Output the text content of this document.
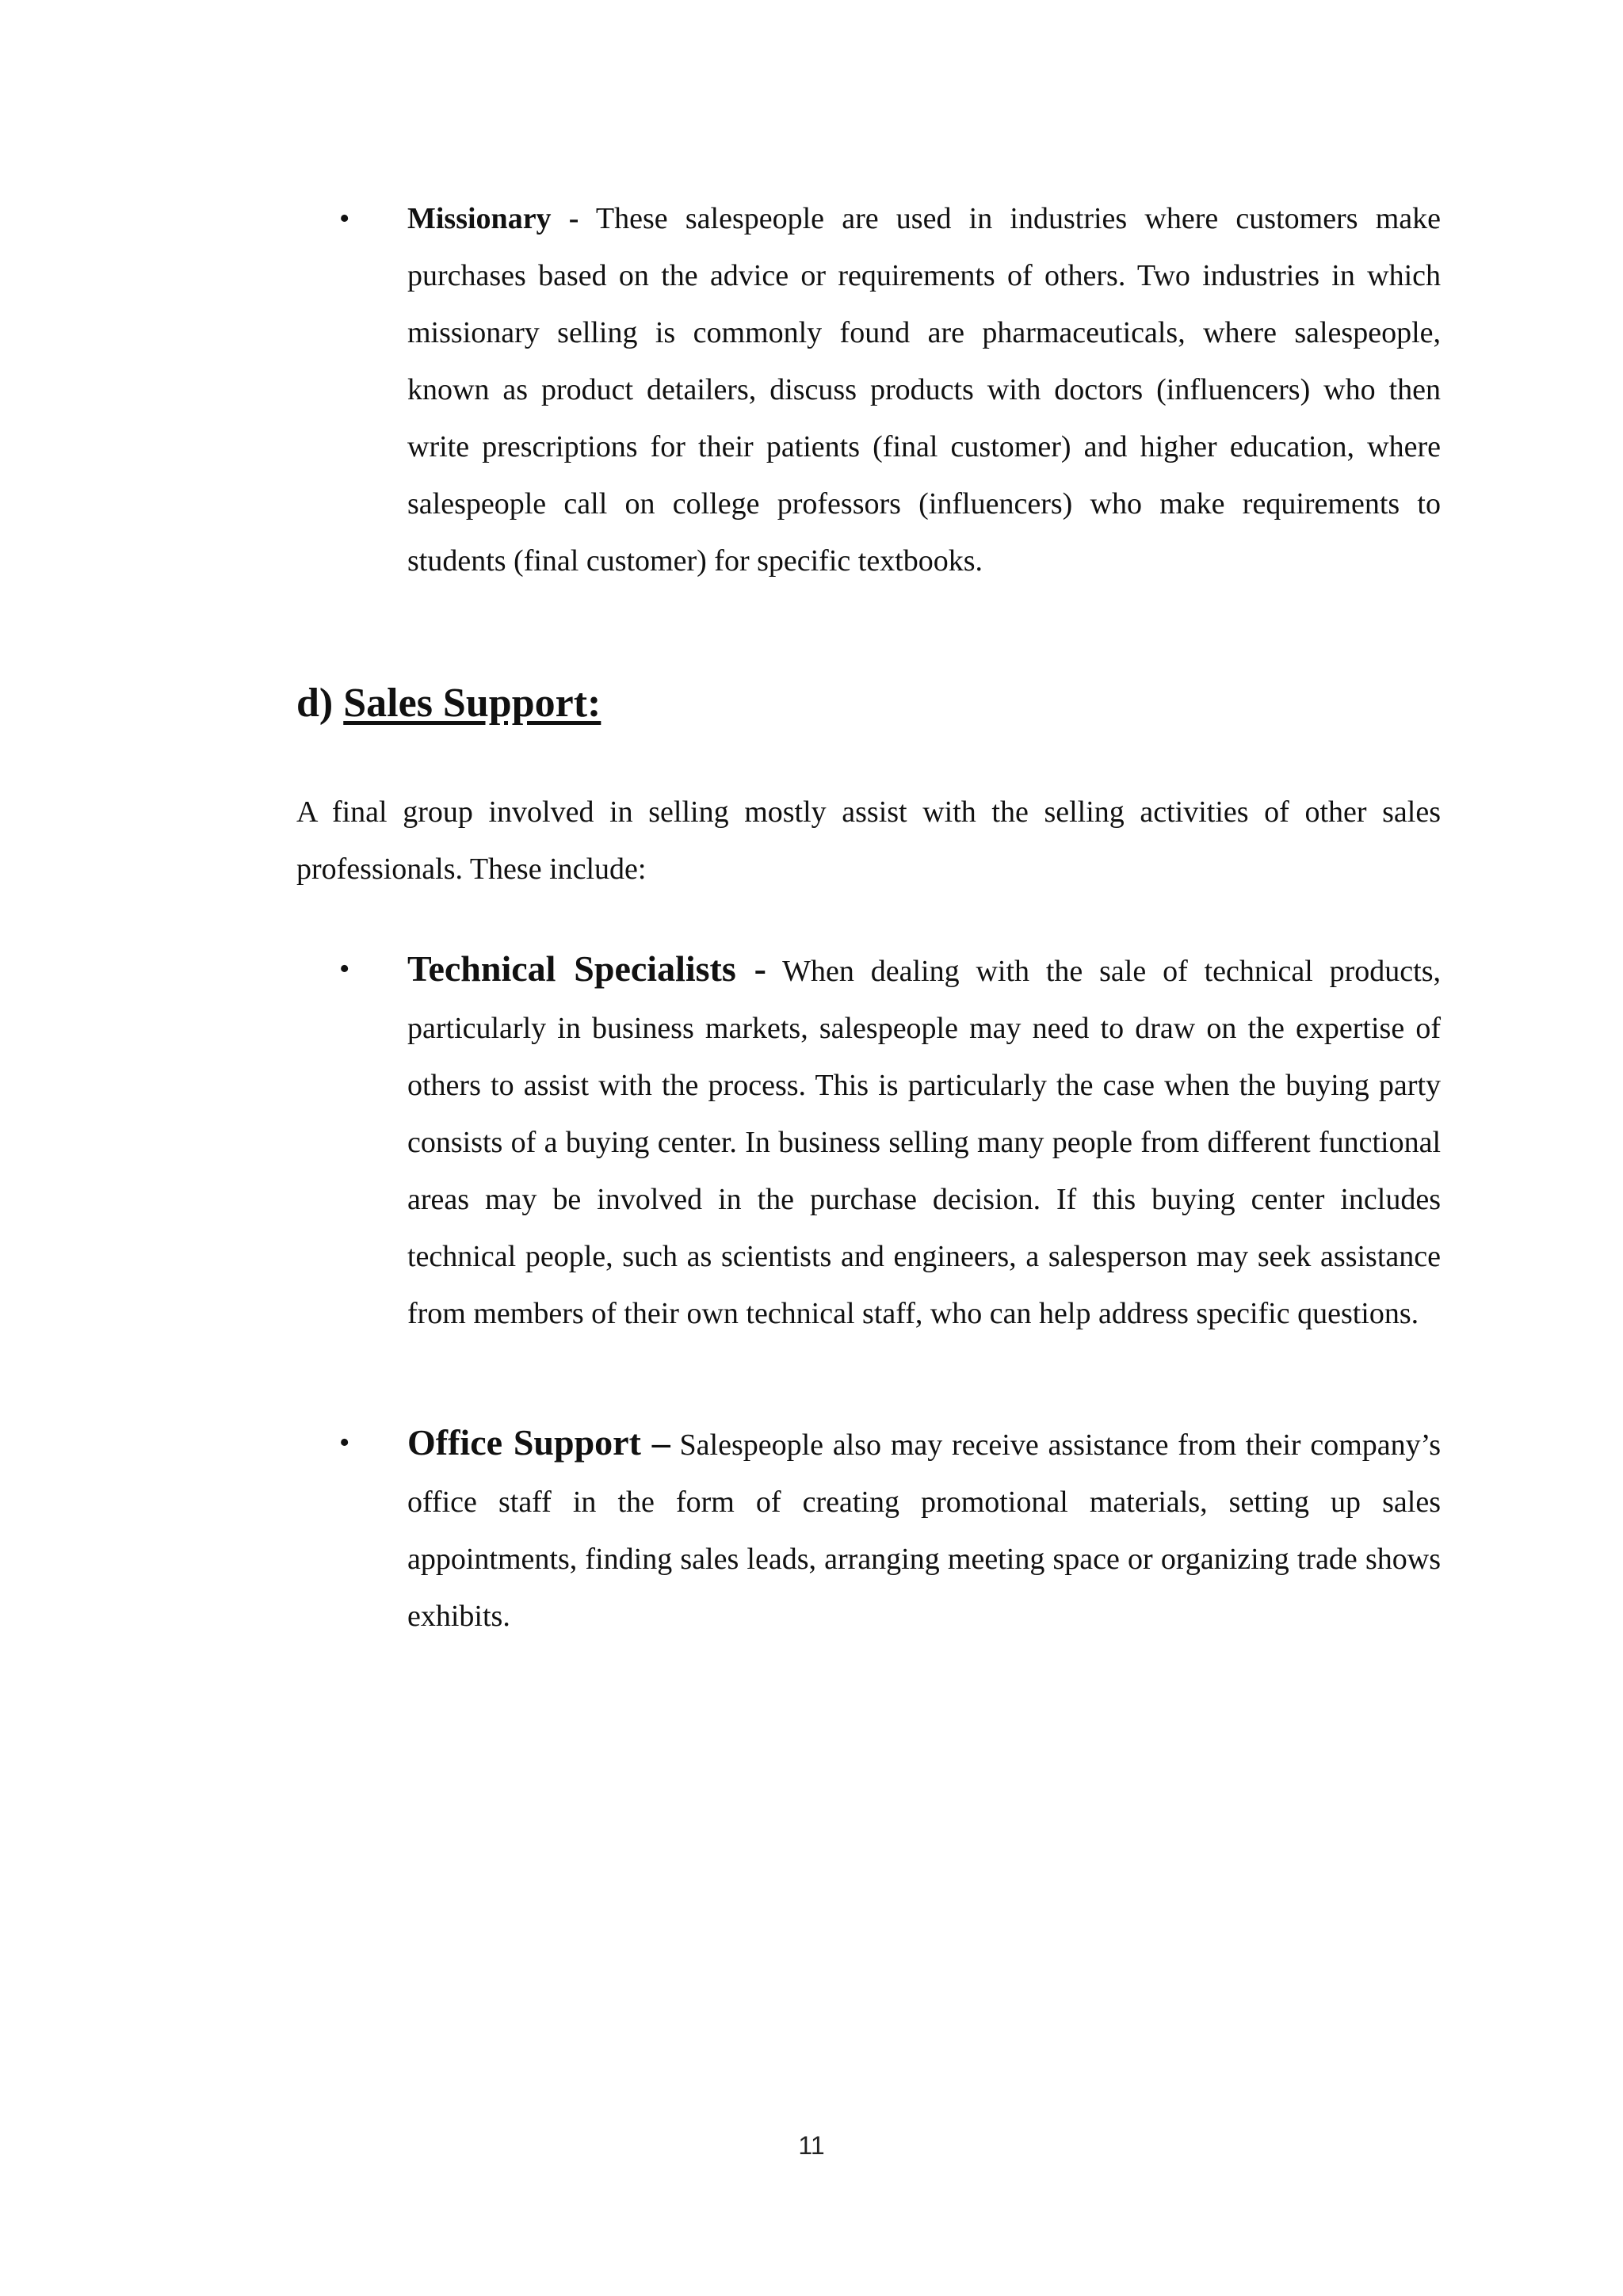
• Missionary - These salespeople are used in industries where customers make purchases based on the advice or requirements of others. Two industries in which missionary selling is commonly found are pharmaceuticals, where salespeople, known as product detailers, discuss products with doctors (influencers) who then write prescriptions for their patients (final customer) and higher education, where salespeople call on college professors (influencers) who make requirements to students (final customer) for specific textbooks.
d) Sales Support:
A final group involved in selling mostly assist with the selling activities of other sales professionals. These include:
• Technical Specialists - When dealing with the sale of technical products, particularly in business markets, salespeople may need to draw on the expertise of others to assist with the process. This is particularly the case when the buying party consists of a buying center. In business selling many people from different functional areas may be involved in the purchase decision. If this buying center includes technical people, such as scientists and engineers, a salesperson may seek assistance from members of their own technical staff, who can help address specific questions.
• Office Support – Salespeople also may receive assistance from their company’s office staff in the form of creating promotional materials, setting up sales appointments, finding sales leads, arranging meeting space or organizing trade shows exhibits.
11
